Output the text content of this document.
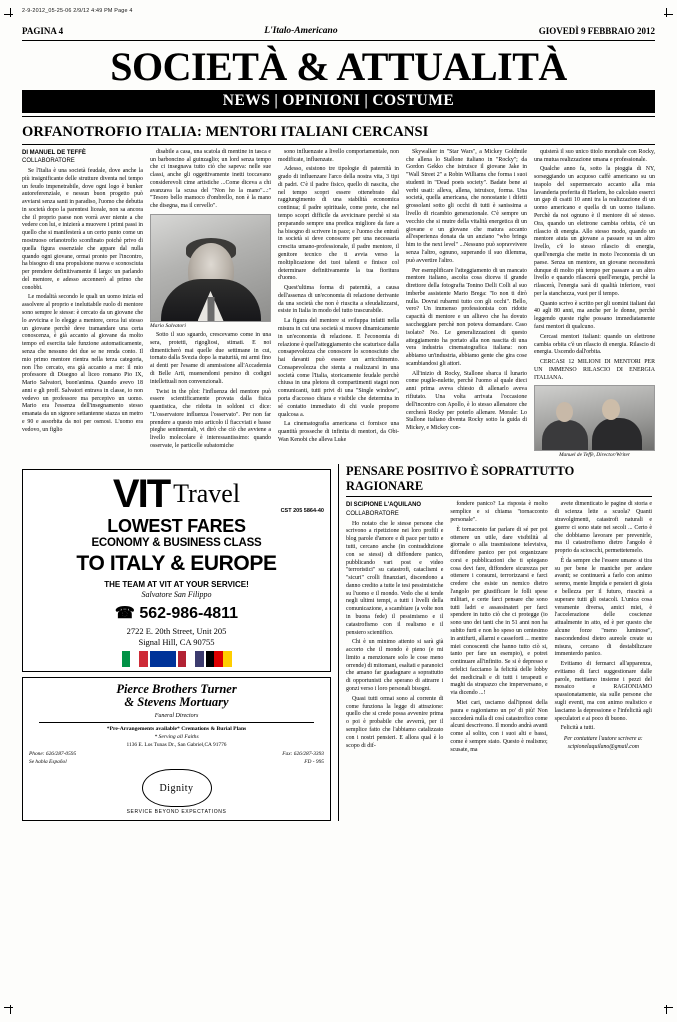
2-9-2012_05-25-06 2/9/12 4:49 PM Page 4
PAGINA 4	L'Italo-Americano	GIOVEDÌ 9 FEBBRAIO 2012
SOCIETÀ & ATTUALITÀ
NEWS | OPINIONI | COSTUME
ORFANOTROFIO ITALIA: MENTORI ITALIANI CERCANSI
DI MANUEL DE TEFFÈ
COLLABORATORE

Se l'Italia è una società feudale, dove anche la più insignificante delle strutture diventa nel tempo un feudo impenetrabile, dove ogni logo è bunker autoreferenziale, e nessun buon progetto può avviarsi senza santi in paradiso, l'uomo che debutta in società dopo la parentesi liceale, non sa ancora che il proprio paese non vorrà aver niente a che vedere con lui, e inizierà a muovere i primi passi in quello che si manifesterà a un certo punto come un mostruoso orfanotrofio sconfinato poichè privo di quella figura essenziale che appare dal nulla quando ogni giovane, ormai pronto per l'incontro, ha bisogno di una propulsione nuova e sconosciuta per prendere definitivamente il largo: un parlando del mentore, e adesso accennerò al primo che conobbi.

Le modalità secondo le quali un uomo inizia ed assolvere al proprio e ineluttabile ruolo di mentore sono sempre le stesse: è cercato da un giovane che lo avvicina e lo elegge a mentore, cerca lui stesso un giovane perchè deve tramandare una certa conoscenza, è già accanto al giovane da molto tempo ed esercita tale funzione automaticamente, senza che nessuno dei due se ne renda conto. Il mio primo mentore rientra nella terza categoria, non l'ho cercato, era già accanto a me: il mio professore di Disegno al liceo romano Pio IX, Mario Salvatori, buon'anima. Quando avevo 18 anni e gli proff. Salvatori entrava in classe, io non vedevo un professore ma percepivo un uomo. Mario era l'essenza dell'insegnamento stesso emanata da un signore settantenne stazza un metro e 90 e assorbita da noi per osmosi. L'uomo era vedovo, un figlio

disabile a casa, una scatola di mentine in tasca e un barboncino al guinzaglio; un lord senza tempo che ci insegnava tutto ciò che sapeva: nelle sue classi, anche gli oggettivamente inetti toccavano considerevoli cime artistiche ...Come diceva a chi avanzava la scusa del "Non ho la mano"...:" "Tesoro bello mamoco d'ombrello, non è la mano che disegna, ma il cervello".

Mario Salvatori

Sotto il suo sguardo, crescevamo come in una sera, protetti, rigogliosi, stimati. E noi dimenticherò mai quelle due settimane in cui, tornato dalla Svezia dopo la maturità, mi armi fino ai denti per l'esame di ammissione all'Accademia di Belle Arti, muenendomi persino di codigni intellettuali non convenzionali.

Twist in the plot: l'influenza del mentore può essere scientificamente provata dalla fisica quantistica, che ridotta in soldoni ci dice: "L'osservatore influenza l'osservato". Per non far prendere a questo mio articolo il fiaccviati e basse pieghe sentimentali, vi dirò che ciò che avviene a livello molecolare è interessantissimo: quando osservate, le particelle subatomiche

sono influenzate a livello comportamentale, non modificate, influenzate.

Adesso, esistono tre tipologie di paternità in grado di influenzare l'arco della nostra vita, 3 tipi di padri. C'è il padre fisico, quello di nascita, che nel tempo scopri essere ottenebrato dal raggiungimento di una stabilità economica continua; il padre spirituale, come prete, che nel tempo scopri difficile da avvicinare perchè si sta preparando sempre una predica migliore da fare a ha bisogno di scrivere in pace; e l'uomo che entratì in società si deve conoscere per una necessaria crescita umano-professionale, il padre mentore, il genitore tecnico che ti avvia verso la moltiplicazione dei tuoi talenti e finisce col determinare definitivamente la tua fioritura d'uomo.

Quest'ultima forma di paternità, a causa dell'assenza di un'economia di relazione derivante da una società che non è riuscita a sfeudalizzarsi, esiste in Italia in modo del tutto trascurabile.

La figura del mentore si sviluppa infatti nella misura in cui una società si muove dinamicamente in un'economia di relazione. E l'economia di relazione è quell'atteggiamento che scaturisce dalla consapevolezza che conoscere lo sconosciuto che hai davanti può essere un arricchimento. Consapevolezza che stenta a realizzarsi in una società come l'Italia, storicamente feudale perchè chiusa in una pletora di compartimenti stagni non comunicanti, tutti privi di una "Single window", porta d'accesso chiara e visibile che determina in sé contatto immediato di chi vuole proporre qualcosa a.

La cinematografia americana ci fornisce una quantità prosseche di infinita di mentori, da Obi-Wan Kenobi che alleva Luke

Skywalker in "Star Wars", a Mickey Goldmile che allena lo Stallone italiano in "Rocky"; da Gordon Gekko che istruisce il giovane Jake in "Wall Street 2" a Robin Williams che forma i suoi studenti in "Dead poets society". Badate bene ai verbi usati: alleva, allena, istruisce, forma. Una società, quella americana, che nonostante i difetti grossolani sotto gli occhi di tutti è sanissima a livello di ricambio generazionale. C'è sempre un vecchio che si mutre della vitalità energetica di un giovane e un giovane che matura accanto all'esperienza donata da un anziano "who brings him to the next level" ...Nessuno può sopravvivere senza l'altro, ognuno, superando il suo dilemma, può avvertire l'altro.

Per esemplificare l'atteggiamento di un mancato mentore italiano, ascolta cosa diceva il grande direttore della fotografia Tonino Delli Colli al suo imberbe assistente Mario Brega: "Io non ti dirò nulla. Dovrai rubarmi tutto con gli occhi". Bello, vero? Un immenso professionista con ridotte capacità di mentore e un allievo che ha dovuto saccheggiare perchè non poteva domandare. Caso isolato? No. Le generalizzazioni di questo atteggiamento ha portato alla non nascita di una vera industria cinematografica italiana: non abbiamo un'industria, abbiamo gente che gira cose scambiandosi gli attori.

All'inizio di Rocky, Stallone sbarca il lunario come pugile-nulette, perchè l'uomo al quale dieci anni prima aveva chiesto di allenarlo aveva rifiutato. Una volta arrivata l'occasione dell'incontro con Apollo, è lo stesso allenatore che cercherà Rocky per poterlo allenare. Morale: Lo Stallone italiano diventa Rocky sotto la guida di Mickey, e Mickey con-

quisterà il suo unico titolo mondiale con Rocky, una mutua realizzazione umana e professionale.

Qualche anno fa, sotto la pioggia di NY, sorseggiando un acquoso caffè americano su un teapolo del supermercato accanto alla mia lavanderia preferita di Harlem, ho calcolato esserci un gap di csatti 10 anni tra la realizzazione di un uomo americano e quella di un uomo italiano. Perchè da noi ognuno è il mentore di sé stesso. Ora, quando un elettrone cambia orbita, c'è un rilascio di energia. Allo stesso modo, quando un mentore aiuta un giovane a passare su un altro livello, c'è lo stesso rilascio di energia, quell'energia che mette in moto l'economia di un paese. Senza un mentore, un giovane necessiterà dunque di molto più tempo per passare a un altro livello e quando rilascerà quell'energia, perchè la rilascerà, l'energia sarà di qualità inferiore, vuoi per la stanchezza, vuoi per il tempo.

Quanto scrivo è scritto per gli uomini italiani dai 40 agli 80 anni, ma anche per le donne, perchè leggendo queste righe possano immediatamente farsi mentori di qualcuno.

Cercasi mentori italiani: quando un elettrone cambia orbita c'è un rilascio di energia. Rilascio di energia. Uscendo dall'orbita.

CERCASI 12 MILIONI DI MENTORI PER UN IMMENSO RILASCIO DI ENERGIA ITALIANA.

Manuel de Teffè, Director/Writer
VIT Travel
CST 205 5864-40
LOWEST FARES
ECONOMY & BUSINESS CLASS
TO ITALY & EUROPE
THE TEAM AT VIT AT YOUR SERVICE!
Salvatore San Filippo
☎ 562-986-4811
2722 E. 20th Street, Unit 205
Signal Hill, CA 90755
Pierce Brothers Turner
& Stevens Mortuary
Funeral Directors
*Pre-Arrangements available* Cremations & Burial Plans
* Serving all Faiths
1136 E. Los Tunas Dr., San Gabriel,CA 91776
Phone: 626/287-0595	Fax: 626/287-3393
Se habla Español	FD - 995
Dignity
SERVICE BEYOND EXPECTATIONS
PENSARE POSITIVO È SOPRATTUTTO RAGIONARE
DI SCIPIONE L'AQUILANO
COLLABORATORE

Ho notato che le stesse persone che scrivono a ripetizione nei loro profili e blog parole d'amore e di pace per tutto e tutti, cercano anche (in contraddizione con se stessi) di diffondere panico, pubblicando vari post e video "terroristici" su catastrofi, cataclismi e "sicuri" crolli finanziari, discendono a danno credito a tutte le tesi pessimistiche su l'uomo e il mondo. Vedo che si tende negli ultimi tempi, a tutti i livelli della comunicazione, a scambiare (a volte non in buona fede) il pessimismo e il catastrofismo con il realismo e il pensiero scientifico.

Chi è un minimo attento si sarà già accorto che il mondo è pieno (e mi limito a menzionare solo le cose meno orrende) di mitomani, esaltati e paranoici che amano far guadagnare a soprattutto di opportunisti che sperano di attrarre i gonzi verso i loro personali bisogni.

Quasi tutti ormai sono al corrente di come funziona la legge di attrazione: quello che si crede possa avvenire prima o poi è probabile che avverrà, per il semplice fatto che l'abbiamo catalizzato con i nostri pensieri. E allora qual è lo scopo di dif-

fondere panico? La risposta è molto semplice e si chiama "tornacconto personale".

È tornaconto far parlare di sé per poi ottenere un utile, dare visibilità al giornale o alla trasmissione televisiva, diffondere panico per poi organizzare corsi e pubblicazioni che ti spiegano cosa devi fare, diffondere sicurezza per ottenere i consumi, terrorizzarsi e farci credere che esiste un nemico dietro l'angolo per giustificare le folli spese militari, e certe farci pensare che sono tutti ladri e assassinateri per farci spendere in tutto ciò che ci protegge (io sono uno dei tanti che in 51 anni non ha subito furti e non ho speso un centesimo in antifurti, allarmi e casseforti ... mentre miei conoscenti che hanno tutto ciò si, tanto per fare un esempio), e potrei continuare all'infinito. Se si è depresso e orfelici facciamo la felicità delle lobby dei medicinali e di tutti i terapeuti e maghi da strapazzo che imperversano, e via dicendo ...!

Miei cari, usciamo dall'ipnosi della paura e ragioniamo un po' di più! Non succederà nulla di così catastrofico come alcuni descrivono. Il mondo andrà avanti come al solito, con i suoi alti e bassi, come è sempre stato. Questo è realismo; scusate, ma

avete dimenticato le pagine di storia e di scienza lette a scuola? Quanti stravolgimenti, catastrofi naturali e guerre ci sono state nei secoli ... Certo è che dobbiamo lavorare per prevenirle, ma il catastrofismo dietro l'angolo è proprio da scioscchi, permettetemelo.

È da sempre che l'essere umano si tira su per bene le maniche per andare avanti; se continuerà a farlo con animo sereno, mente limpida e pensieri di gioia e bellezza per il futuro, riuscirà a superare tutti gli ostacoli. L'unica cosa veramente diversa, amici miei, è l'accelerazione delle coscienze attualmente in atto, ed è per questo che alcune forze "meno luminose", nascondendosi dietro aureole create su misura, cercano di destabilizzare immenterdo panico.

Evitiamo di fermarci all'apparenza, evitiamo di farci suggestionare dalle parole, mettiamo insieme i pezzi del mosaico e RAGIONIAMO spassionatamente, sia sulle persone che sugli eventi, ma con animo realistico e lasciamo la depressione e l'infelicità agli speculatori e ai poco di buono.

Felicità a tutti.

Per contattare l'autore scrivere a: scipionelaquilano@gmail.com
